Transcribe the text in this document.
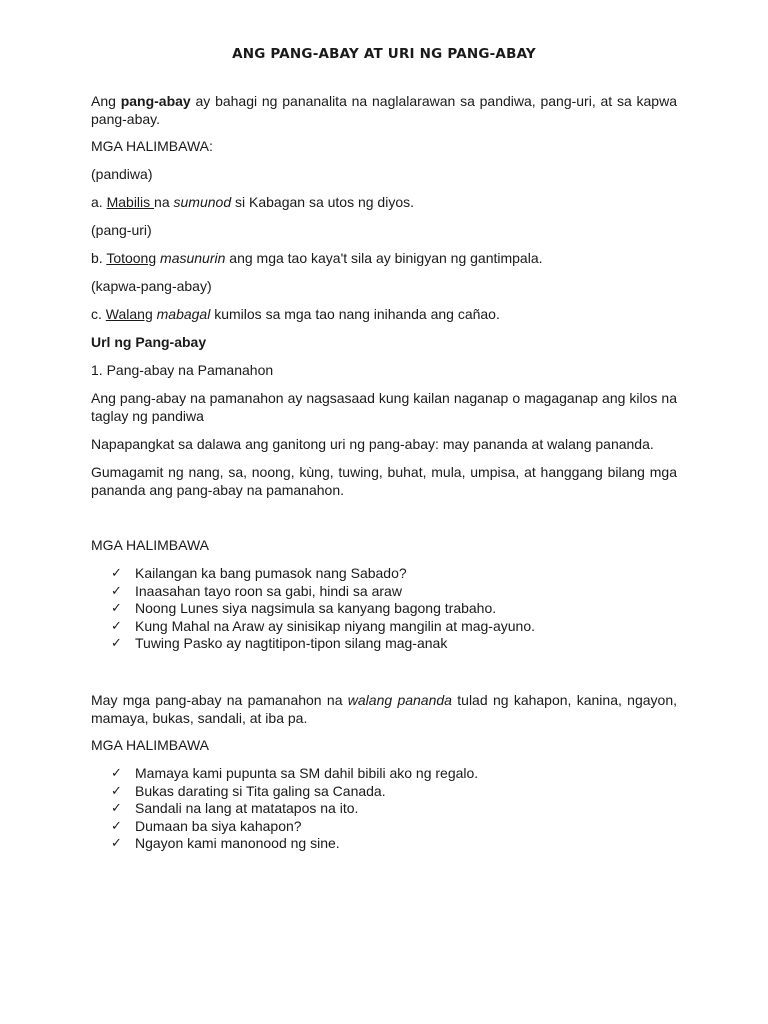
ANG PANG-ABAY AT URI NG PANG-ABAY

Ang pang-abay ay bahagi ng pananalita na naglalarawan sa pandiwa, pang-uri, at sa kapwa pang-abay.

MGA HALIMBAWA:

(pandiwa)

a. Mabilis na sumunod si Kabagan sa utos ng diyos.

(pang-uri)

b. Totoong masunurin ang mga tao kaya't sila ay binigyan ng gantimpala.

(kapwa-pang-abay)

c. Walang mabagal kumilos sa mga tao nang inihanda ang cañao.

Url ng Pang-abay

1. Pang-abay na Pamanahon

Ang pang-abay na pamanahon ay nagsasaad kung kailan naganap o magaganap ang kilos na taglay ng pandiwa

Napapangkat sa dalawa ang ganitong uri ng pang-abay: may pananda at walang pananda.

Gumagamit ng nang, sa, noong, kùng, tuwing, buhat, mula, umpisa, at hanggang bilang mga pananda ang pang-abay na pamanahon.

MGA HALIMBAWA

✓ Kailangan ka bang pumasok nang Sabado?
✓ Inaasahan tayo roon sa gabi, hindi sa araw
✓ Noong Lunes siya nagsimula sa kanyang bagong trabaho.
✓ Kung Mahal na Araw ay sinisikap niyang mangilin at mag-ayuno.
✓ Tuwing Pasko ay nagtitipon-tipon silang mag-anak

May mga pang-abay na pamanahon na walang pananda tulad ng kahapon, kanina, ngayon, mamaya, bukas, sandali, at iba pa.

MGA HALIMBAWA

✓ Mamaya kami pupunta sa SM dahil bibili ako ng regalo.
✓ Bukas darating si Tita galing sa Canada.
✓ Sandali na lang at matatapos na ito.
✓ Dumaan ba siya kahapon?
✓ Ngayon kami manonood ng sine.
